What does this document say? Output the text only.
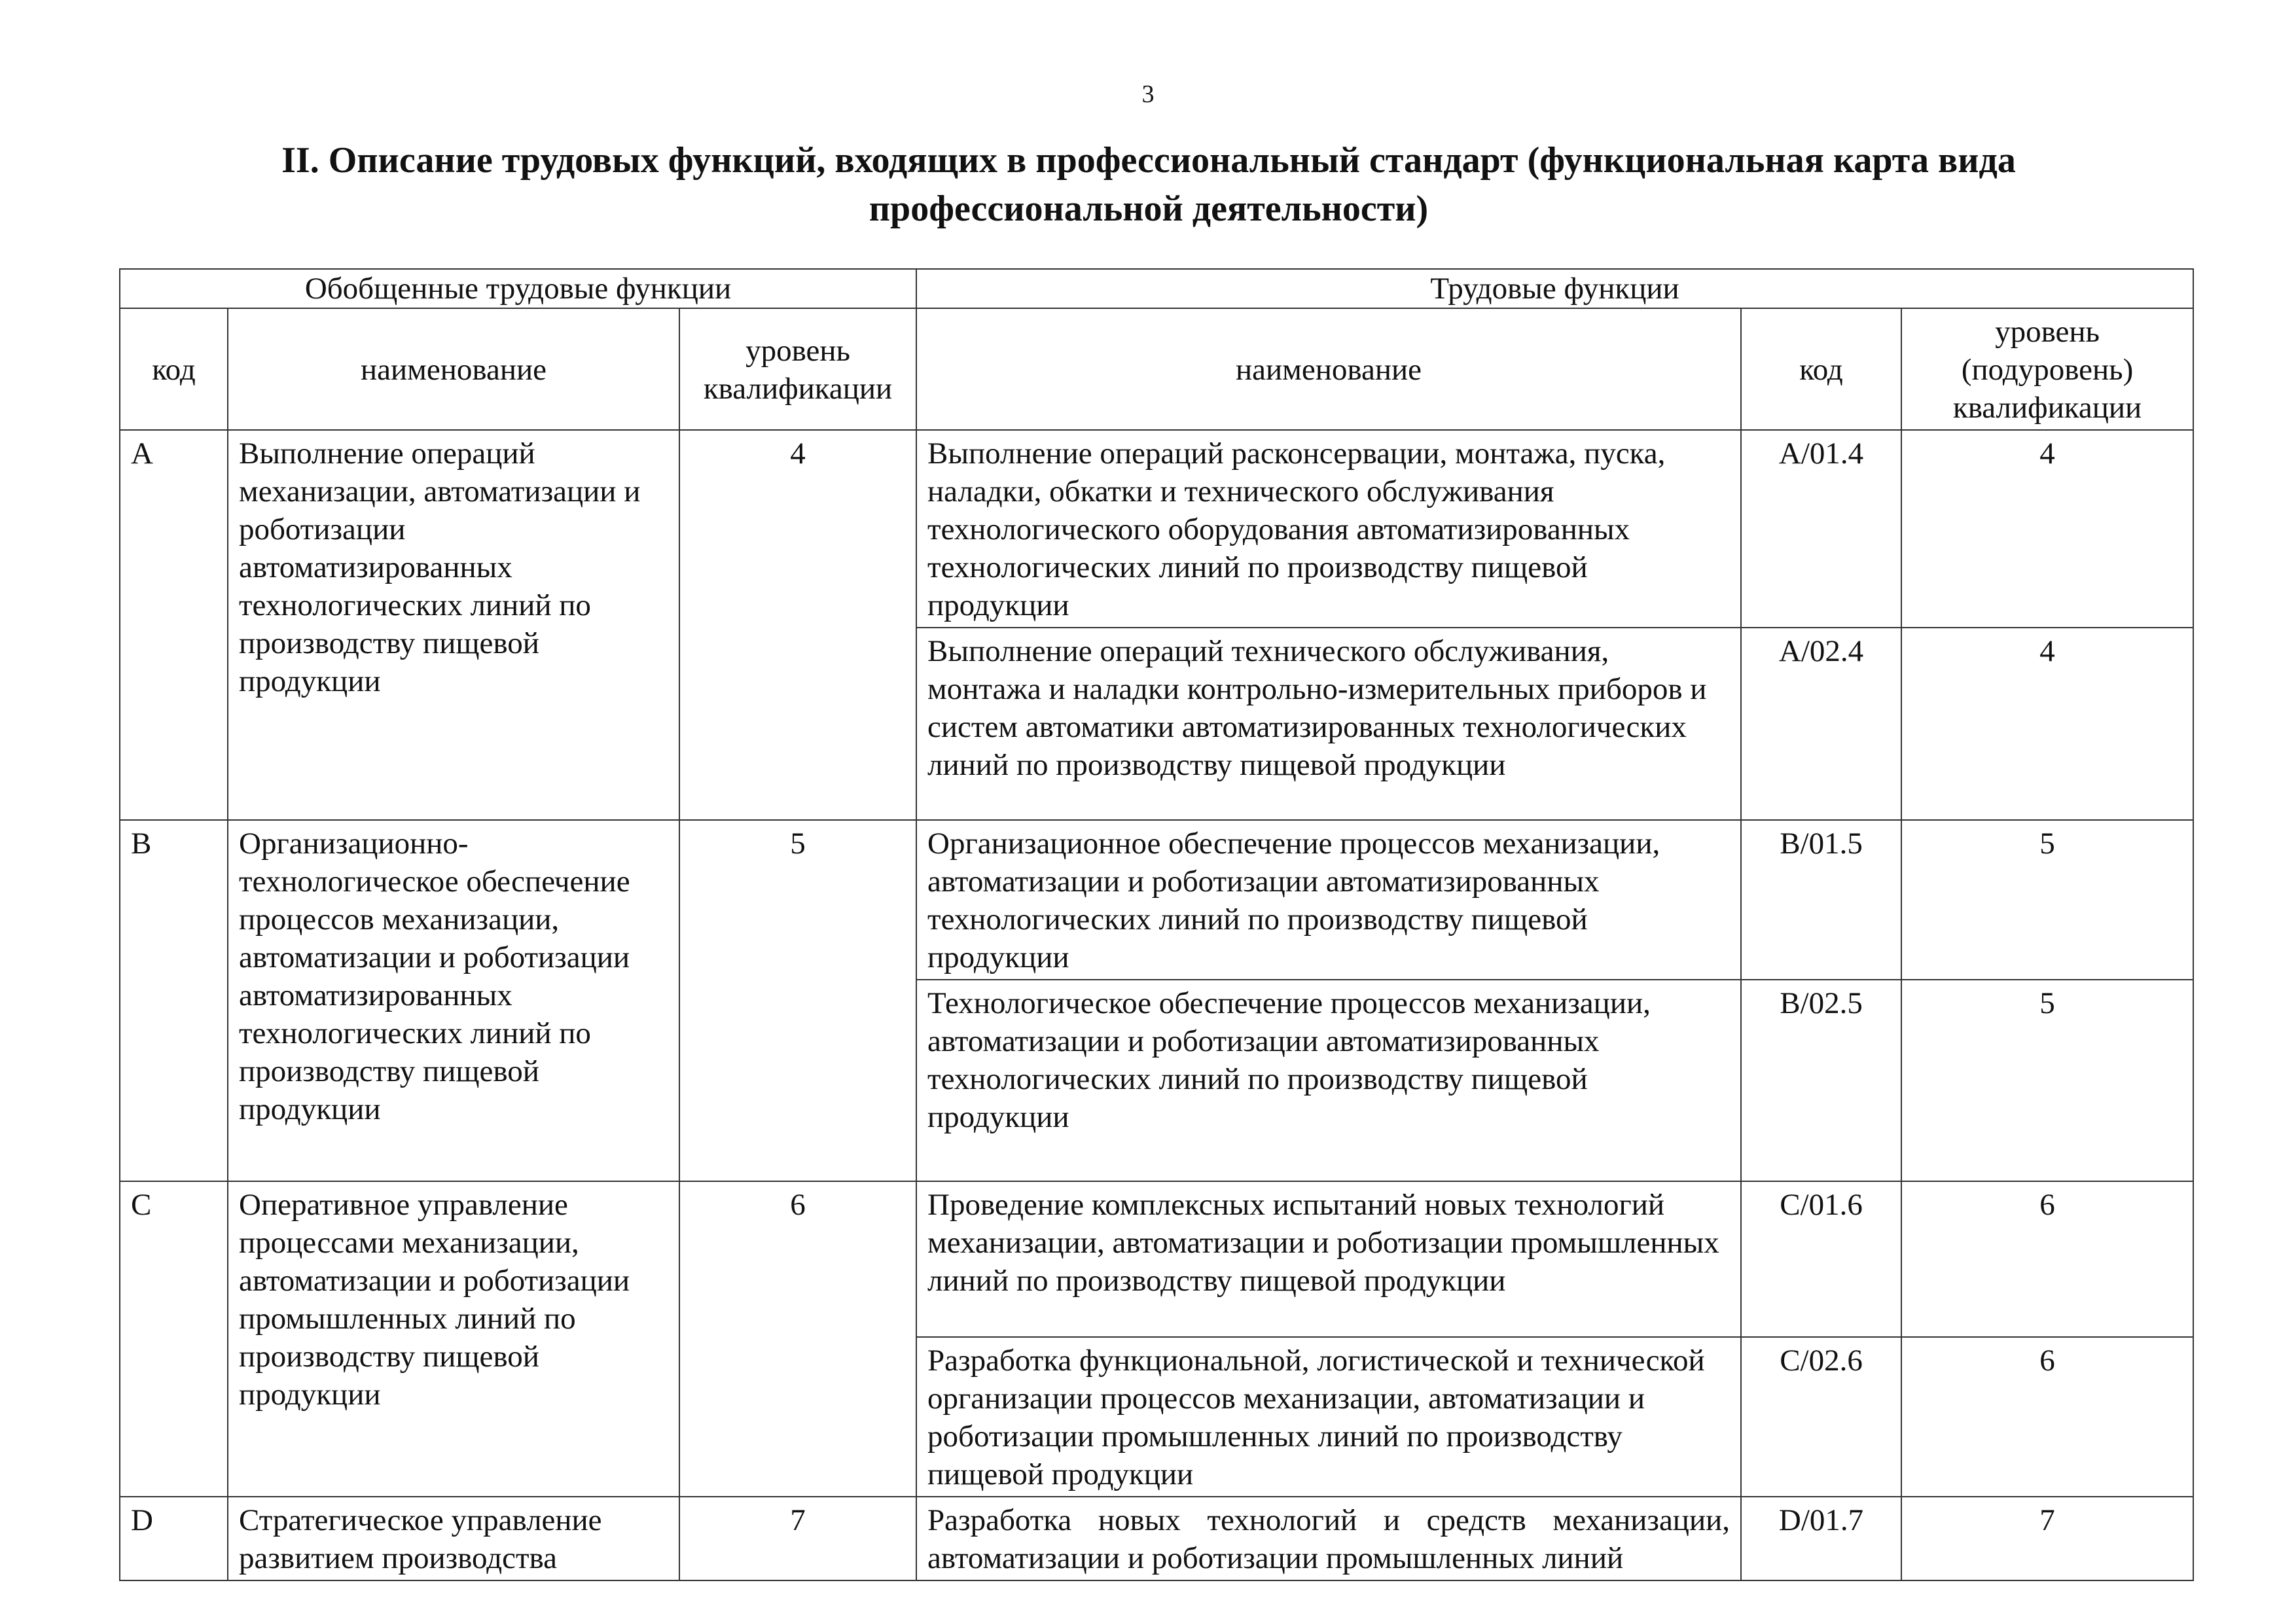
3
II. Описание трудовых функций, входящих в профессиональный стандарт (функциональная карта вида профессиональной деятельности)
Обобщенные трудовые функции			Трудовые функции		
код	наименование	уровень квалификации	наименование	код	уровень (подуровень) квалификации
A	Выполнение операций механизации, автоматизации и роботизации автоматизированных технологических линий по производству пищевой продукции	4	Выполнение операций расконсервации, монтажа, пуска, наладки, обкатки и технического обслуживания технологического оборудования автоматизированных технологических линий по производству пищевой продукции	A/01.4	4
			Выполнение операций технического обслуживания, монтажа и наладки контрольно-измерительных приборов и систем автоматики автоматизированных технологических линий по производству пищевой продукции	A/02.4	4
B	Организационно-технологическое обеспечение процессов механизации, автоматизации и роботизации автоматизированных технологических линий по производству пищевой продукции	5	Организационное обеспечение процессов механизации, автоматизации и роботизации автоматизированных технологических линий по производству пищевой продукции	B/01.5	5
			Технологическое обеспечение процессов механизации, автоматизации и роботизации автоматизированных технологических линий по производству пищевой продукции	B/02.5	5
C	Оперативное управление процессами механизации, автоматизации и роботизации промышленных линий по производству пищевой продукции	6	Проведение комплексных испытаний новых технологий механизации, автоматизации и роботизации промышленных линий по производству пищевой продукции	C/01.6	6
			Разработка функциональной, логистической и технической организации процессов механизации, автоматизации и роботизации промышленных линий по производству пищевой продукции	C/02.6	6
D	Стратегическое управление развитием производства	7	Разработка новых технологий и средств механизации, автоматизации и роботизации промышленных линий	D/01.7	7
